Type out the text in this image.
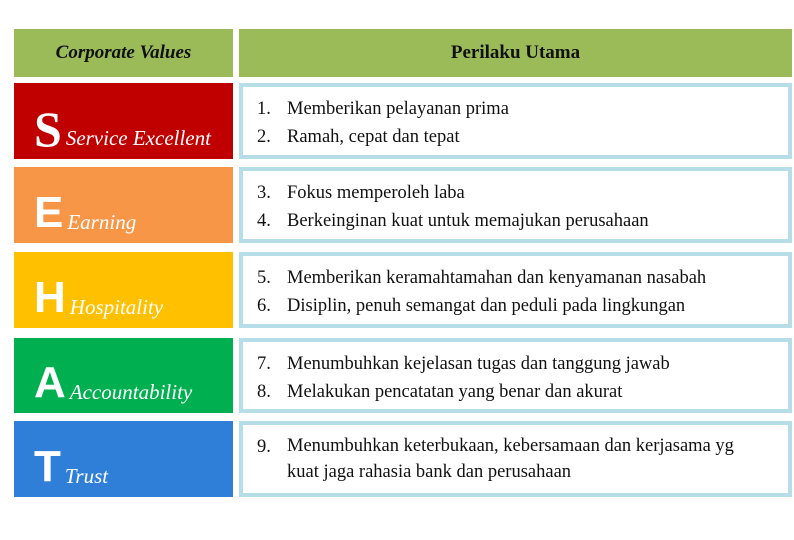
Corporate Values	Perilaku Utama
S Service Excellent
1. Memberikan pelayanan prima
2. Ramah, cepat dan tepat
E Earning
3. Fokus memperoleh laba
4. Berkeinginan kuat untuk memajukan perusahaan
H Hospitality
5. Memberikan keramahtamahan dan kenyamanan nasabah
6. Disiplin, penuh semangat dan peduli pada lingkungan
A Accountability
7. Menumbuhkan kejelasan tugas dan tanggung jawab
8. Melakukan pencatatan yang benar dan akurat
T Trust
9. Menumbuhkan keterbukaan, kebersamaan dan kerjasama yg kuat jaga rahasia bank dan perusahaan
